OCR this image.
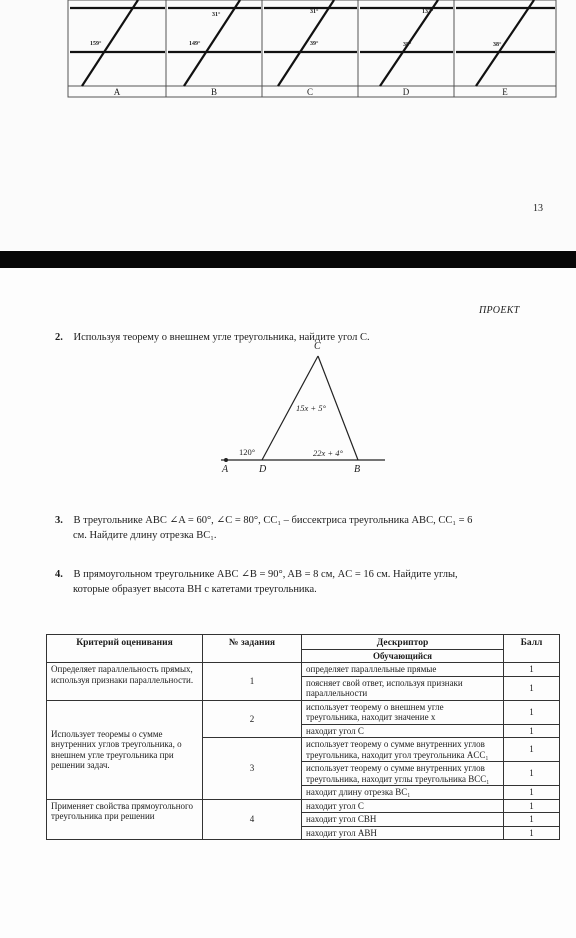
159°
31°
149°
31°
39°
132°
38°	38°
A	B	C	D	E
13
ПРОЕКТ
2. Используя теорему о внешнем угле треугольника, найдите угол C.
C
15x + 5°
120°	22x + 4°
A	D	B
3. В треугольнике ABC ∠A = 60°, ∠C = 80°, CC₁ – биссектриса треугольника ABC, CC₁ = 6
см. Найдите длину отрезка BC₁.
4. В прямоугольном треугольнике ABC ∠B = 90°, AB = 8 см, AC = 16 см. Найдите углы,
которые образует высота BH с катетами треугольника.
Критерий оценивания	№ задания	Дескриптор	Балл
		Обучающийся	
Определяет параллельность прямых, используя признаки параллельности.	1	определяет параллельные прямые	1
		поясняет свой ответ, используя признаки параллельности	1
Использует теоремы о сумме внутренних углов треугольника, о внешнем угле треугольника при решении задач.	2	использует теорему о внешнем угле треугольника, находит значение x	1
		находит угол C	1
	3	использует теорему о сумме внутренних углов треугольника, находит угол треугольника ACC₁	1
		использует теорему о сумме внутренних углов треугольника, находит углы треугольника BCC₁	1
		находит длину отрезка BC₁	1
Применяет свойства прямоугольного треугольника при решении	4	находит угол C	1
		находит угол CBH	1
		находит угол ABH	1
